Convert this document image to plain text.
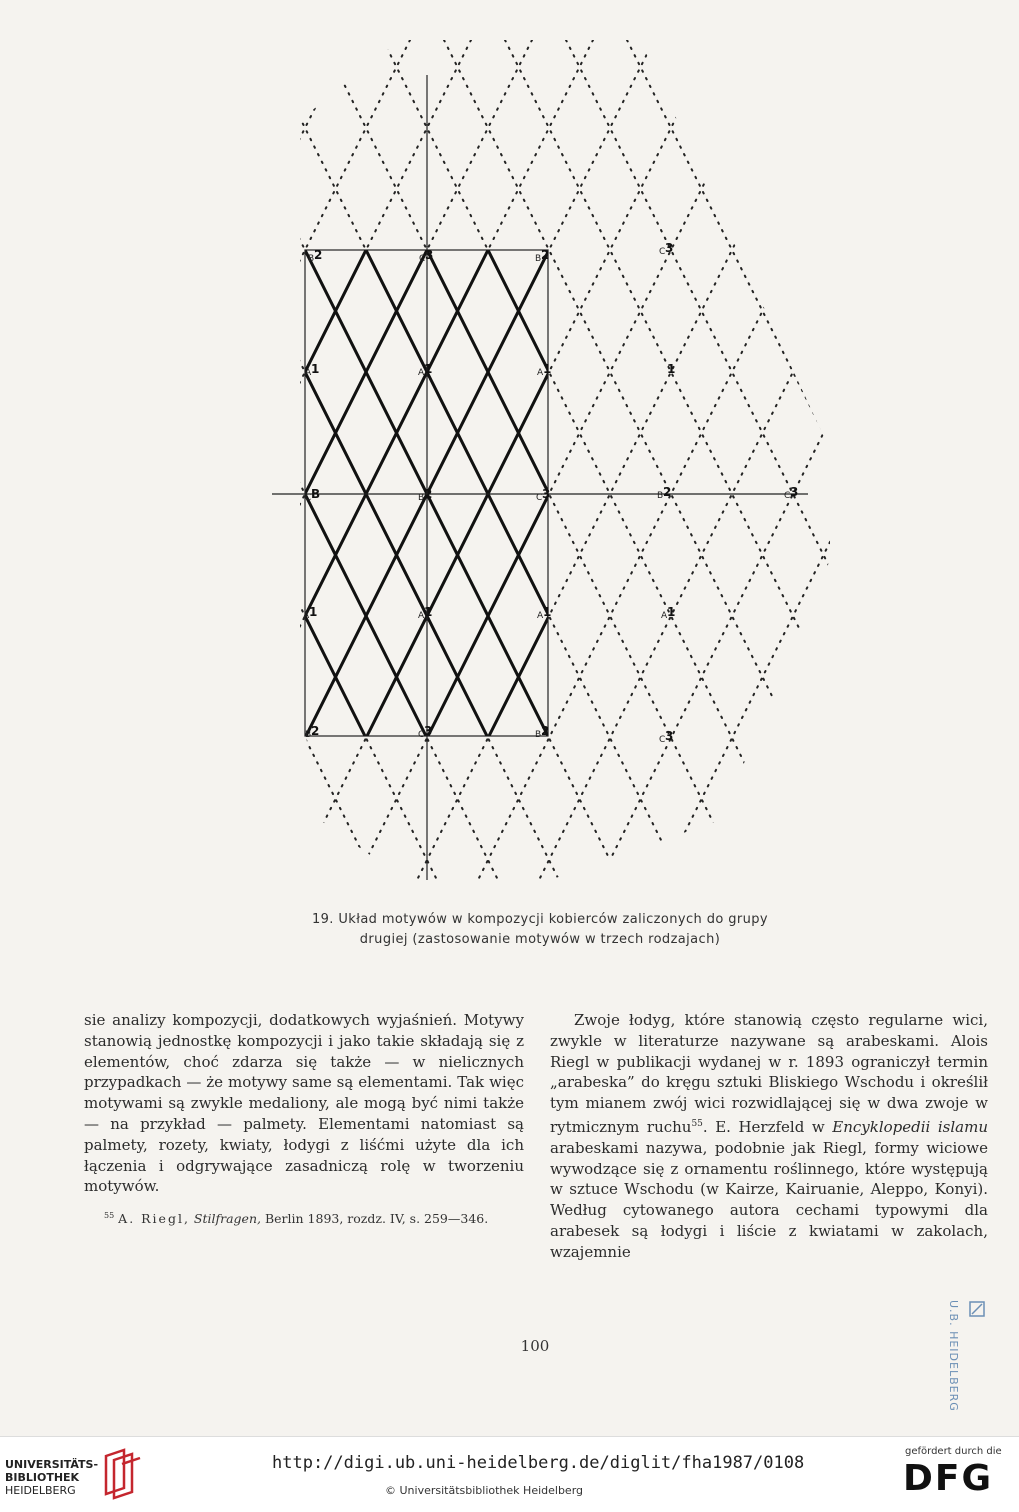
B 2	C 3	B 2	C 3
A 1	A 1	A 1	1
C B	B 2	C 3	B 2	C 3
A 1	A 1	A 1	A 1
B 2	C 3	B 2
C 3
19. Układ motywów w kompozycji kobierców zaliczonych do grupy
drugiej (zastosowanie motywów w trzech rodzajach)

sie analizy kompozycji, dodatkowych wyjaśnień. Motywy stanowią jednostkę kompozycji i jako takie składają się z elementów, choć zdarza się także — w nielicznych przypadkach — że motywy same są elementami. Tak więc motywami są zwykle medaliony, ale mogą być nimi także — na przykład — palmety. Elementami natomiast są palmety, rozety, kwiaty, łodygi z liśćmi użyte dla ich łączenia i odgrywające zasadniczą rolę w tworzeniu motywów.

Zwoje łodyg, które stanowią często regularne wici, zwykle w literaturze nazywane są arabeskami. Alois Riegl w publikacji wydanej w r. 1893 ograniczył termin „arabeska” do kręgu sztuki Bliskiego Wschodu i określił tym mianem zwój wici rozwidlającej się w dwa zwoje w rytmicznym ruchu$^{55}$. E. Herzfeld w Encyklopedii islamu arabeskami nazywa, podobnie jak Riegl, formy wiciowe wywodzące się z ornamentu roślinnego, które występują w sztuce Wschodu (w Kairze, Kairuanie, Aleppo, Konyi). Według cytowanego autora cechami typowymi dla arabesek są łodygi i liście z kwiatami w zakolach, wzajemnie

$^{55}$ A. Riegl, Stilfragen, Berlin 1893, rozdz. IV, s. 259—346.
100	U.B. HEIDELBERG
UNIVERSITÄTS-
BIBLIOTHEK
HEIDELBERG
http://digi.ub.uni-heidelberg.de/diglit/fha1987/0108
© Universitätsbibliothek Heidelberg
gefördert durch die
DFG
